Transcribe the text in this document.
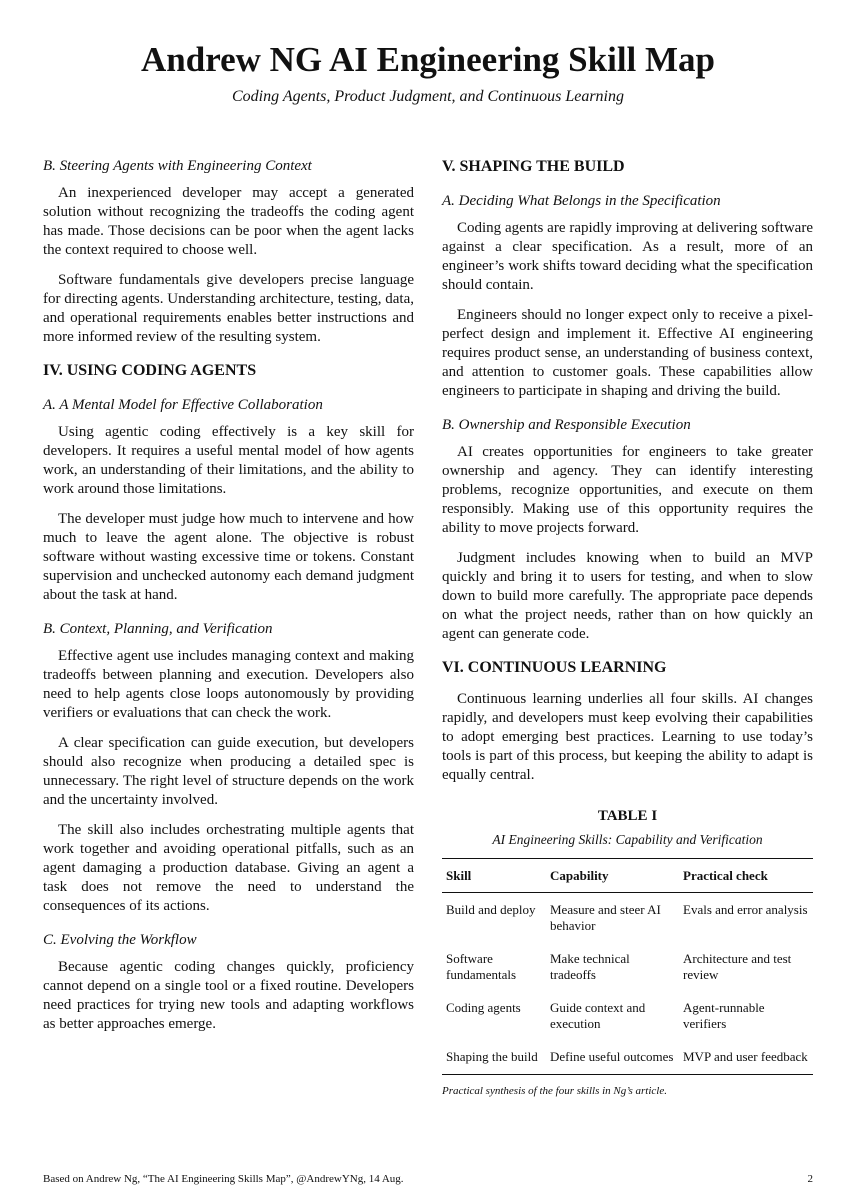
Andrew NG AI Engineering Skill Map
Coding Agents, Product Judgment, and Continuous Learning
B. Steering Agents with Engineering Context

An inexperienced developer may accept a generated solution without recognizing the tradeoffs the coding agent has made. Those decisions can be poor when the agent lacks the context required to choose well.

Software fundamentals give developers precise language for directing agents. Understanding architecture, testing, data, and operational requirements enables better instructions and more informed review of the resulting system.

IV. USING CODING AGENTS
A. A Mental Model for Effective Collaboration

Using agentic coding effectively is a key skill for developers. It requires a useful mental model of how agents work, an understanding of their limitations, and the ability to work around those limitations.

The developer must judge how much to intervene and how much to leave the agent alone. The objective is robust software without wasting excessive time or tokens. Constant supervision and unchecked autonomy each demand judgment about the task at hand.

B. Context, Planning, and Verification

Effective agent use includes managing context and making tradeoffs between planning and execution. Developers also need to help agents close loops autonomously by providing verifiers or evaluations that can check the work.

A clear specification can guide execution, but developers should also recognize when producing a detailed spec is unnecessary. The right level of structure depends on the work and the uncertainty involved.

The skill also includes orchestrating multiple agents that work together and avoiding operational pitfalls, such as an agent damaging a production database. Giving an agent a task does not remove the need to understand the consequences of its actions.

C. Evolving the Workflow

Because agentic coding changes quickly, proficiency cannot depend on a single tool or a fixed routine. Developers need practices for trying new tools and adapting workflows as better approaches emerge.

V. SHAPING THE BUILD
A. Deciding What Belongs in the Specification

Coding agents are rapidly improving at delivering software against a clear specification. As a result, more of an engineer’s work shifts toward deciding what the specification should contain.

Engineers should no longer expect only to receive a pixel-perfect design and implement it. Effective AI engineering requires product sense, an understanding of business context, and attention to customer goals. These capabilities allow engineers to participate in shaping and driving the build.

B. Ownership and Responsible Execution

AI creates opportunities for engineers to take greater ownership and agency. They can identify interesting problems, recognize opportunities, and execute on them responsibly. Making use of this opportunity requires the ability to move projects forward.

Judgment includes knowing when to build an MVP quickly and bring it to users for testing, and when to slow down to build more carefully. The appropriate pace depends on what the project needs, rather than on how quickly an agent can generate code.

VI. CONTINUOUS LEARNING

Continuous learning underlies all four skills. AI changes rapidly, and developers must keep evolving their capabilities to adopt emerging best practices. Learning to use today’s tools is part of this process, but keeping the ability to adapt is equally central.

TABLE I
AI Engineering Skills: Capability and Verification
Skill	Capability	Practical check
Build and deploy	Measure and steer AI behavior	Evals and error analysis
Software fundamentals	Make technical tradeoffs	Architecture and test review
Coding agents	Guide context and execution	Agent-runnable verifiers
Shaping the build	Define useful outcomes	MVP and user feedback
Practical synthesis of the four skills in Ng’s article.
Based on Andrew Ng, “The AI Engineering Skills Map”, @AndrewYNg, 14 Aug.	2
